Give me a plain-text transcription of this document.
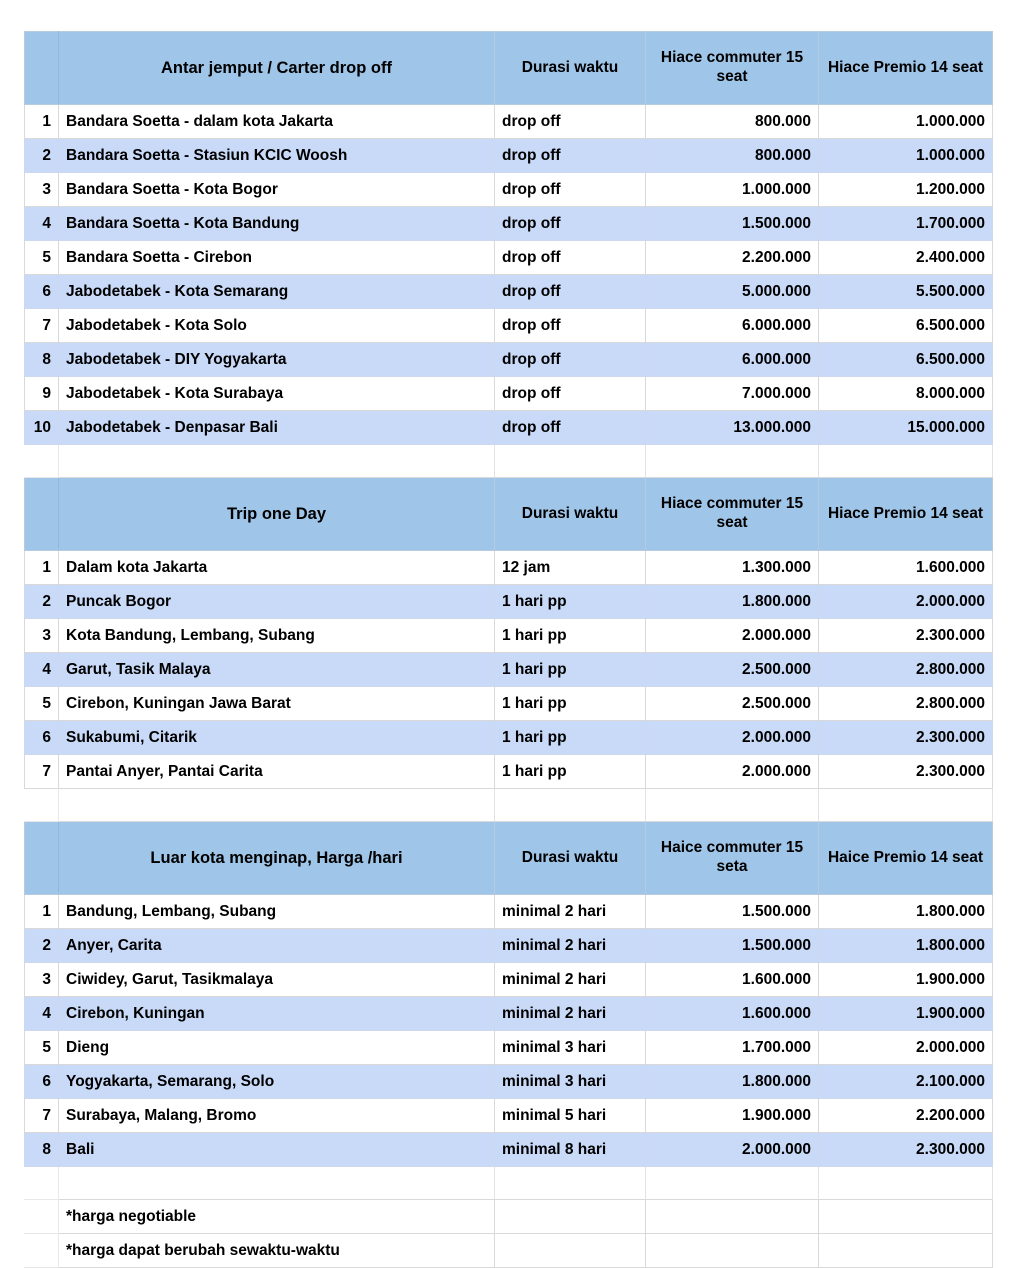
	Antar jemput / Carter drop off	Durasi waktu	Hiace commuter 15 seat	Hiace Premio 14 seat
1	Bandara Soetta - dalam kota Jakarta	drop off	800.000	1.000.000
2	Bandara Soetta - Stasiun KCIC Woosh	drop off	800.000	1.000.000
3	Bandara Soetta - Kota Bogor	drop off	1.000.000	1.200.000
4	Bandara Soetta - Kota Bandung	drop off	1.500.000	1.700.000
5	Bandara Soetta - Cirebon	drop off	2.200.000	2.400.000
6	Jabodetabek - Kota Semarang	drop off	5.000.000	5.500.000
7	Jabodetabek - Kota Solo	drop off	6.000.000	6.500.000
8	Jabodetabek - DIY Yogyakarta	drop off	6.000.000	6.500.000
9	Jabodetabek - Kota Surabaya	drop off	7.000.000	8.000.000
10	Jabodetabek - Denpasar Bali	drop off	13.000.000	15.000.000

	Trip one Day	Durasi waktu	Hiace commuter 15 seat	Hiace Premio 14 seat
1	Dalam kota Jakarta	12 jam	1.300.000	1.600.000
2	Puncak Bogor	1 hari pp	1.800.000	2.000.000
3	Kota Bandung, Lembang, Subang	1 hari pp	2.000.000	2.300.000
4	Garut, Tasik Malaya	1 hari pp	2.500.000	2.800.000
5	Cirebon, Kuningan Jawa Barat	1 hari pp	2.500.000	2.800.000
6	Sukabumi, Citarik	1 hari pp	2.000.000	2.300.000
7	Pantai Anyer, Pantai Carita	1 hari pp	2.000.000	2.300.000

	Luar kota menginap, Harga /hari	Durasi waktu	Haice commuter 15 seta	Haice Premio 14 seat
1	Bandung, Lembang, Subang	minimal 2 hari	1.500.000	1.800.000
2	Anyer, Carita	minimal 2 hari	1.500.000	1.800.000
3	Ciwidey, Garut, Tasikmalaya	minimal 2 hari	1.600.000	1.900.000
4	Cirebon, Kuningan	minimal 2 hari	1.600.000	1.900.000
5	Dieng	minimal 3 hari	1.700.000	2.000.000
6	Yogyakarta, Semarang, Solo	minimal 3 hari	1.800.000	2.100.000
7	Surabaya, Malang, Bromo	minimal 5 hari	1.900.000	2.200.000
8	Bali	minimal 8 hari	2.000.000	2.300.000

	*harga negotiable			
	*harga dapat berubah sewaktu-waktu			
